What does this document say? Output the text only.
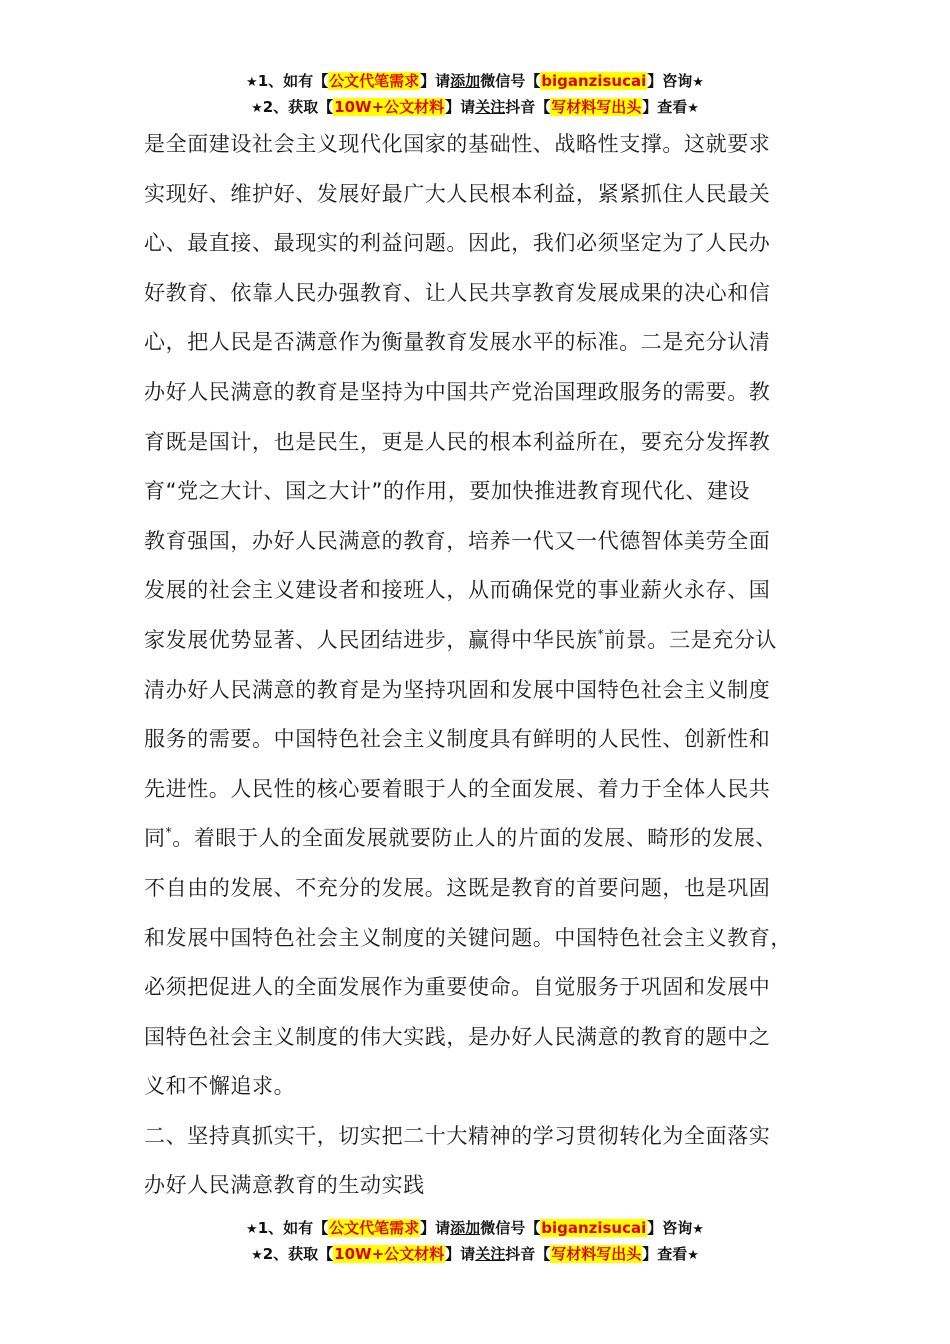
★1、如有【公文代笔需求】请添加微信号【biganzisucai】咨询★
★2、获取【10W+公文材料】请关注抖音【写材料写出头】查看★

是全面建设社会主义现代化国家的基础性、战略性支撑。这就要求

实现好、维护好、发展好最广大人民根本利益，紧紧抓住人民最关

心、最直接、最现实的利益问题。因此，我们必须坚定为了人民办

好教育、依靠人民办强教育、让人民共享教育发展成果的决心和信

心，把人民是否满意作为衡量教育发展水平的标准。二是充分认清

办好人民满意的教育是坚持为中国共产党治国理政服务的需要。教

育既是国计，也是民生，更是人民的根本利益所在，要充分发挥教

育“党之大计、国之大计”的作用，要加快推进教育现代化、建设

教育强国，办好人民满意的教育，培养一代又一代德智体美劳全面

发展的社会主义建设者和接班人，从而确保党的事业薪火永存、国

家发展优势显著、人民团结进步，赢得中华民族*前景。三是充分认

清办好人民满意的教育是为坚持巩固和发展中国特色社会主义制度

服务的需要。中国特色社会主义制度具有鲜明的人民性、创新性和

先进性。人民性的核心要着眼于人的全面发展、着力于全体人民共

同*。着眼于人的全面发展就要防止人的片面的发展、畸形的发展、

不自由的发展、不充分的发展。这既是教育的首要问题，也是巩固

和发展中国特色社会主义制度的关键问题。中国特色社会主义教育，

必须把促进人的全面发展作为重要使命。自觉服务于巩固和发展中

国特色社会主义制度的伟大实践，是办好人民满意的教育的题中之

义和不懈追求。

二、坚持真抓实干，切实把二十大精神的学习贯彻转化为全面落实

办好人民满意教育的生动实践

★1、如有【公文代笔需求】请添加微信号【biganzisucai】咨询★
★2、获取【10W+公文材料】请关注抖音【写材料写出头】查看★
